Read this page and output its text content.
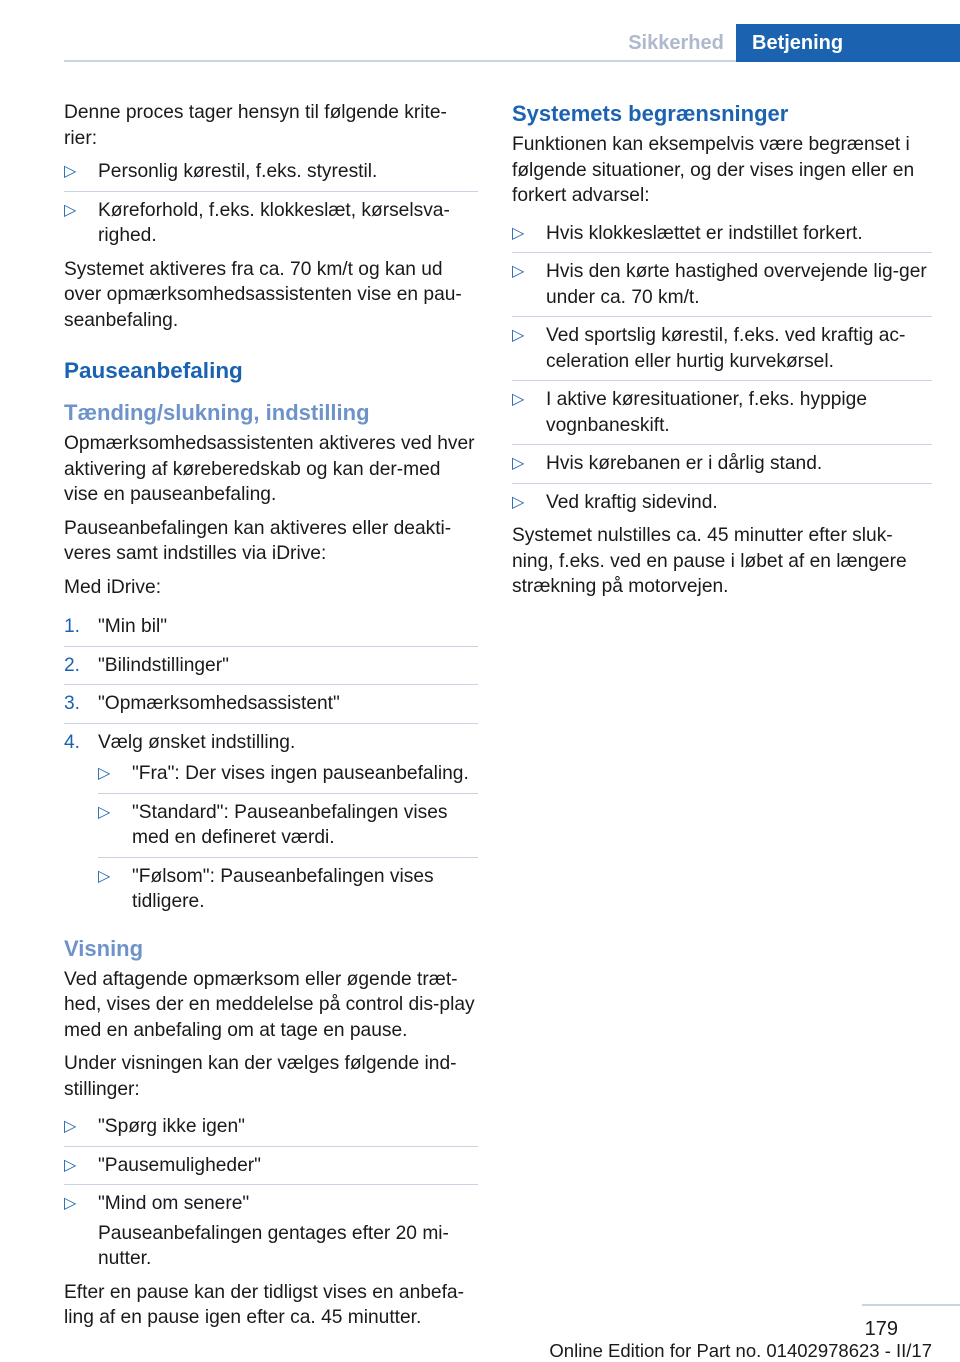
Sikkerhed	Betjening

Denne proces tager hensyn til følgende krite-rier:

▷ Personlig kørestil, f.eks. styrestil.
▷ Køreforhold, f.eks. klokkeslæt, kørselsva-righed.

Systemet aktiveres fra ca. 70 km/t og kan ud over opmærksomhedsassistenten vise en pau-seanbefaling.

Pauseanbefaling
Tænding/slukning, indstilling

Opmærksomhedsassistenten aktiveres ved hver aktivering af køreberedskab og kan der-med vise en pauseanbefaling.

Pauseanbefalingen kan aktiveres eller deakti-veres samt indstilles via iDrive:

Med iDrive:

1. "Min bil"
2. "Bilindstillinger"
3. "Opmærksomhedsassistent"
4. Vælg ønsket indstilling.
▷ "Fra": Der vises ingen pauseanbefaling.
▷ "Standard": Pauseanbefalingen vises med en defineret værdi.
▷ "Følsom": Pauseanbefalingen vises tidligere.
Visning

Ved aftagende opmærksom eller øgende træt-hed, vises der en meddelelse på control dis-play med en anbefaling om at tage en pause.

Under visningen kan der vælges følgende ind-stillinger:

▷ "Spørg ikke igen"
▷ "Pausemuligheder"
▷ "Mind om senere"
Pauseanbefalingen gentages efter 20 mi-nutter.

Efter en pause kan der tidligst vises en anbefa-ling af en pause igen efter ca. 45 minutter.

Systemets begrænsninger

Funktionen kan eksempelvis være begrænset i følgende situationer, og der vises ingen eller en forkert advarsel:

▷ Hvis klokkeslættet er indstillet forkert.
▷ Hvis den kørte hastighed overvejende lig-ger under ca. 70 km/t.
▷ Ved sportslig kørestil, f.eks. ved kraftig ac-celeration eller hurtig kurvekørsel.
▷ I aktive køresituationer, f.eks. hyppige vognbaneskift.
▷ Hvis kørebanen er i dårlig stand.
▷ Ved kraftig sidevind.

Systemet nulstilles ca. 45 minutter efter sluk-ning, f.eks. ved en pause i løbet af en længere strækning på motorvejen.

179
Online Edition for Part no. 01402978623 - II/17
